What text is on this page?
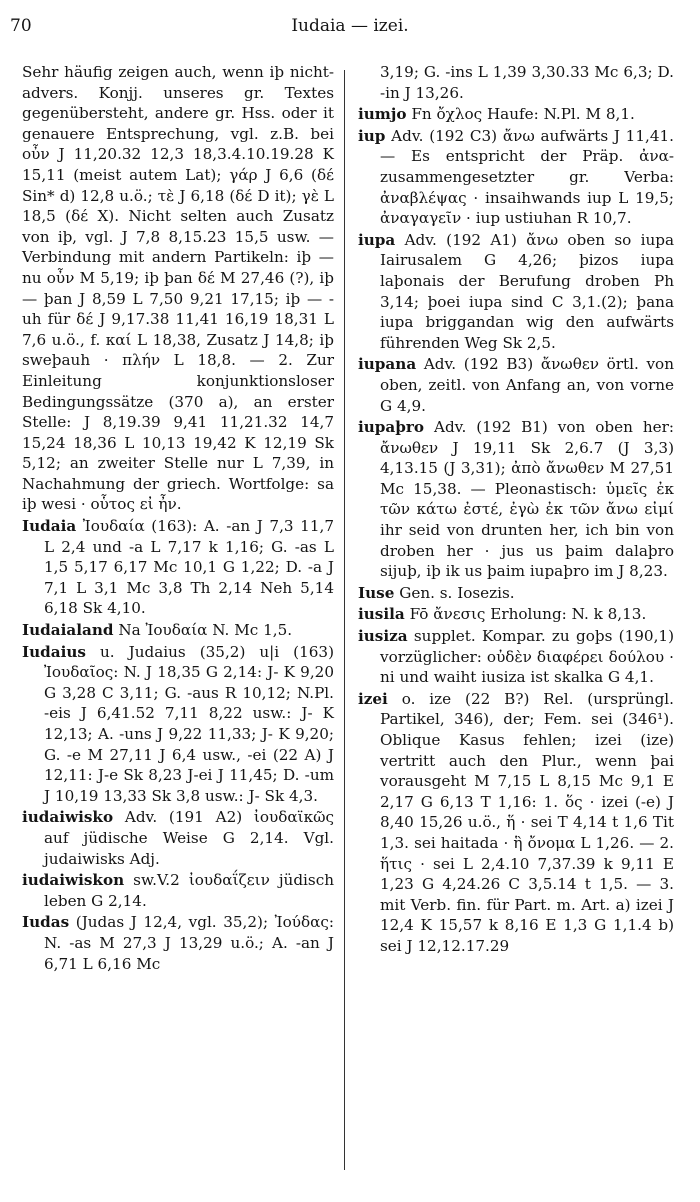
70	Iudaia — izei.

Sehr häufig zeigen auch, wenn iþ nicht-advers. Konjj. unseres gr. Textes gegenübersteht, andere gr. Hss. oder it genauere Entsprechung, vgl. z.B. bei οὖν J 11,20.32 12,3 18,3.4.10.19.28 K 15,11 (meist autem Lat); γάρ J 6,6 (δέ Sin* d) 12,8 u.ö.; τὲ J 6,18 (δέ D it); γὲ L 18,5 (δέ X). Nicht selten auch Zusatz von iþ, vgl. J 7,8 8,15.23 15,5 usw. — Verbindung mit andern Partikeln: iþ — nu οὖν M 5,19; iþ þan δέ M 27,46 (?), iþ — þan J 8,59 L 7,50 9,21 17,15; iþ — -uh für δέ J 9,17.38 11,41 16,19 18,31 L 7,6 u.ö., f. καί L 18,38, Zusatz J 14,8; iþ sweþauh · πλήν L 18,8. — 2. Zur Einleitung konjunktionsloser Bedingungssätze (370 a), an erster Stelle: J 8,19.39 9,41 11,21.32 14,7 15,24 18,36 L 10,13 19,42 K 12,19 Sk 5,12; an zweiter Stelle nur L 7,39, in Nachahmung der griech. Wortfolge: sa iþ wesi · οὗτος εἰ ἦν.

Iudaia Ἰουδαία (163): A. -an J 7,3 11,7 L 2,4 und -a L 7,17 k 1,16; G. -as L 1,5 5,17 6,17 Mc 10,1 G 1,22; D. -a J 7,1 L 3,1 Mc 3,8 Th 2,14 Neh 5,14 6,18 Sk 4,10.

Iudaialand Na Ἰουδαία N. Mc 1,5.

Iudaius u. Judaius (35,2) u|i (163) Ἰουδαῖος: N. J 18,35 G 2,14: J- K 9,20 G 3,28 C 3,11; G. -aus R 10,12; N.Pl. -eis J 6,41.52 7,11 8,22 usw.: J- K 12,13; A. -uns J 9,22 11,33; J- K 9,20; G. -e M 27,11 J 6,4 usw., -ei (22 A) J 12,11: J-e Sk 8,23 J-ei J 11,45; D. -um J 10,19 13,33 Sk 3,8 usw.: J- Sk 4,3.

iudaiwisko Adv. (191 A2) ἰουδαϊκῶς auf jüdische Weise G 2,14. Vgl. judaiwisks Adj.

iudaiwiskon sw.V.2 ἰουδαΐζειν jüdisch leben G 2,14.

Iudas (Judas J 12,4, vgl. 35,2); Ἰούδας: N. -as M 27,3 J 13,29 u.ö.; A. -an J 6,71 L 6,16 Mc

3,19; G. -ins L 1,39 3,30.33 Mc 6,3; D. -in J 13,26.

iumjo Fn ὄχλος Haufe: N.Pl. M 8,1.

iup Adv. (192 C3) ἄνω aufwärts J 11,41. — Es entspricht der Präp. ἀνα- zusammengesetzter gr. Verba: ἀναβλέψας · insaihwands iup L 19,5; ἀναγαγεῖν · iup ustiuhan R 10,7.

iupa Adv. (192 A1) ἄνω oben so iupa Iairusalem G 4,26; þizos iupa laþonais der Berufung droben Ph 3,14; þoei iupa sind C 3,1.(2); þana iupa briggandan wig den aufwärts führenden Weg Sk 2,5.

iupana Adv. (192 B3) ἄνωθεν örtl. von oben, zeitl. von Anfang an, von vorne G 4,9.

iupaþro Adv. (192 B1) von oben her: ἄνωθεν J 19,11 Sk 2,6.7 (J 3,3) 4,13.15 (J 3,31); ἀπὸ ἄνωθεν M 27,51 Mc 15,38. — Pleonastisch: ὑμεῖς ἐκ τῶν κάτω ἐστέ, ἐγὼ ἐκ τῶν ἄνω εἰμί ihr seid von drunten her, ich bin von droben her · jus us þaim dalaþro sijuþ, iþ ik us þaim iupaþro im J 8,23.

Iuse Gen. s. Iosezis.

iusila Fō ἄνεσις Erholung: N. k 8,13.

iusiza supplet. Kompar. zu goþs (190,1) vorzüglicher: οὐδὲν διαφέρει δούλου · ni und waiht iusiza ist skalka G 4,1.

izei o. ize (22 B?) Rel. (ursprüngl. Partikel, 346), der; Fem. sei (346¹). Oblique Kasus fehlen; izei (ize) vertritt auch den Plur., wenn þai vorausgeht M 7,15 L 8,15 Mc 9,1 E 2,17 G 6,13 T 1,16: 1. ὅς · izei (-e) J 8,40 15,26 u.ö., ἥ · sei T 4,14 t 1,6 Tit 1,3. sei haitada · ἣ ὄνομα L 1,26. — 2. ἥτις · sei L 2,4.10 7,37.39 k 9,11 E 1,23 G 4,24.26 C 3,5.14 t 1,5. — 3. mit Verb. fin. für Part. m. Art. a) izei J 12,4 K 15,57 k 8,16 E 1,3 G 1,1.4 b) sei J 12,12.17.29
